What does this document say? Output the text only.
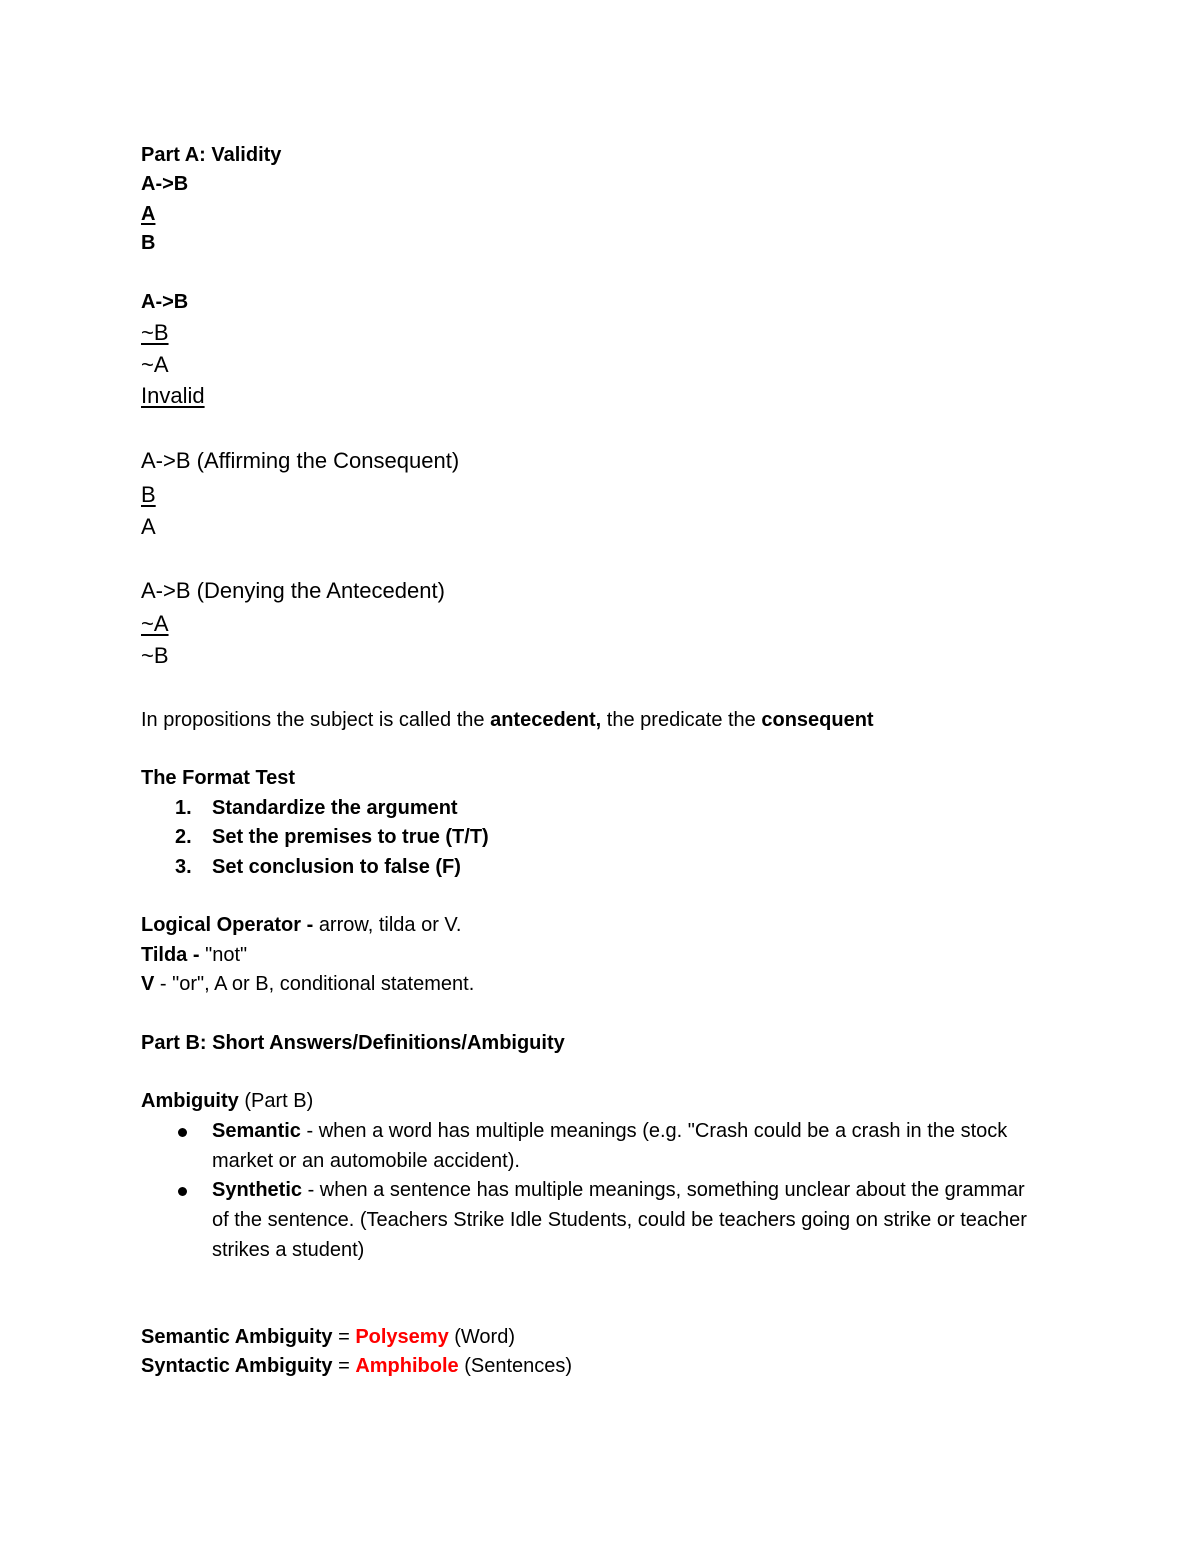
Part A: Validity
A->B
A
B
A->B
~B
~A
Invalid
A->B (Affirming the Consequent)
B
A
A->B (Denying the Antecedent)
~A
~B
In propositions the subject is called the antecedent, the predicate the consequent
The Format Test
1. Standardize the argument
2. Set the premises to true (T/T)
3. Set conclusion to false (F)
Logical Operator - arrow, tilda or V.
Tilda - "not"
V - "or", A or B, conditional statement.
Part B: Short Answers/Definitions/Ambiguity
Ambiguity (Part B)
Semantic - when a word has multiple meanings (e.g. "Crash could be a crash in the stock market or an automobile accident).
Synthetic - when a sentence has multiple meanings, something unclear about the grammar of the sentence. (Teachers Strike Idle Students, could be teachers going on strike or teacher strikes a student)
Semantic Ambiguity = Polysemy (Word)
Syntactic Ambiguity = Amphibole (Sentences)
